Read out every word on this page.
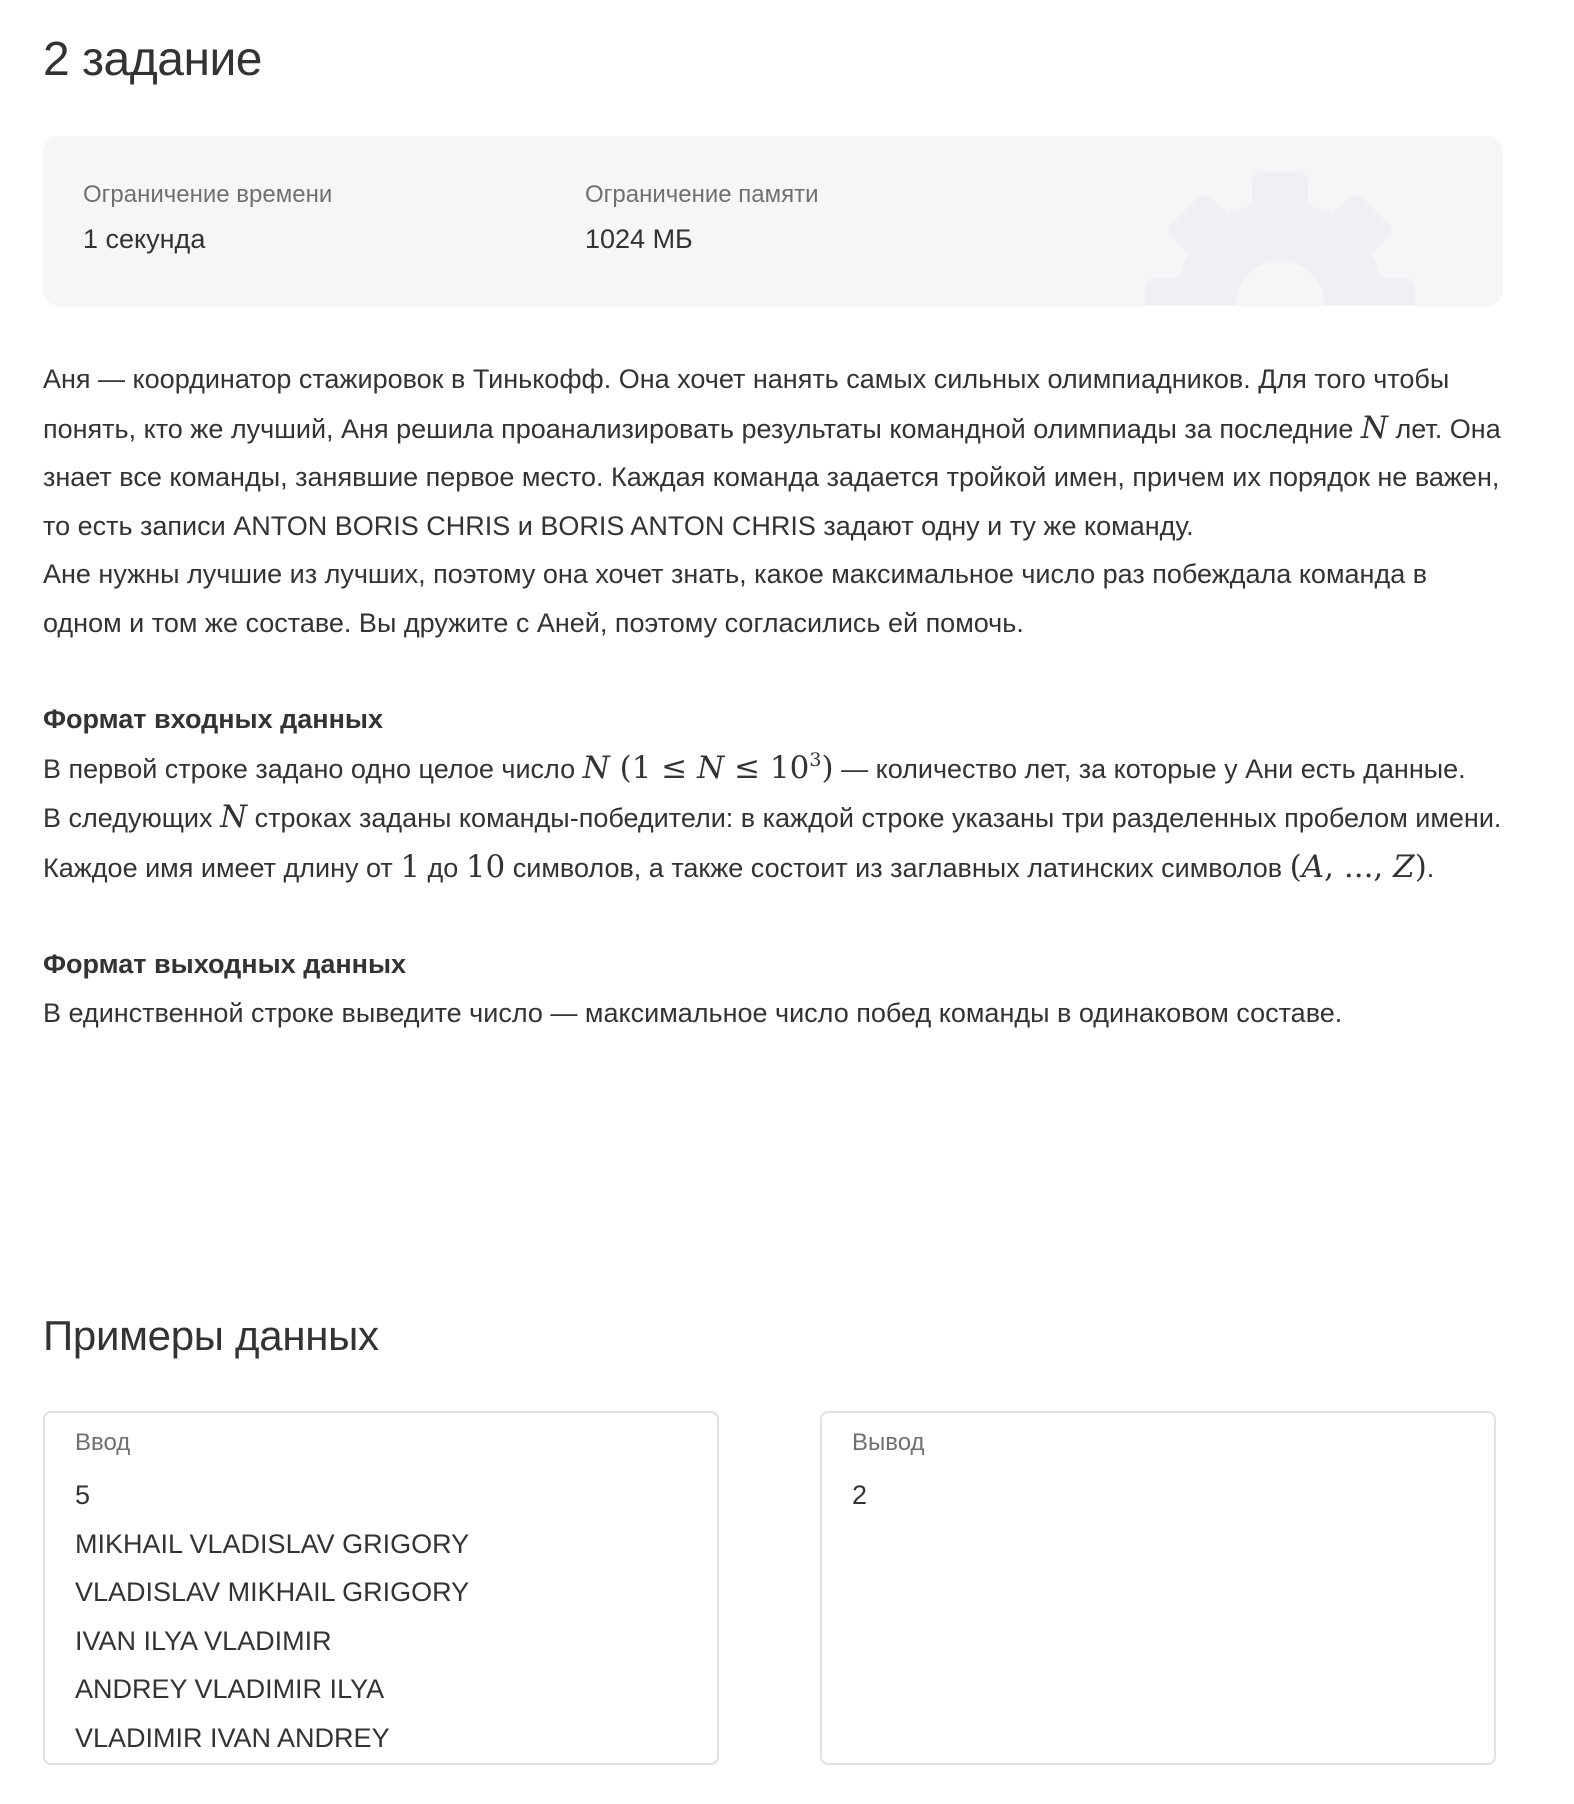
2 задание
Ограничение времени
1 секунда
Ограничение памяти
1024 МБ

Аня — координатор стажировок в Тинькофф. Она хочет нанять самых сильных олимпиадников. Для того чтобы понять, кто же лучший, Аня решила проанализировать результаты командной олимпиады за последние N лет. Она знает все команды, занявшие первое место. Каждая команда задается тройкой имен, причем их порядок не важен, то есть записи ANTON BORIS CHRIS и BORIS ANTON CHRIS задают одну и ту же команду.

Ане нужны лучшие из лучших, поэтому она хочет знать, какое максимальное число раз побеждала команда в одном и том же составе. Вы дружите с Аней, поэтому согласились ей помочь.

Формат входных данных

В первой строке задано одно целое число N $(1 \le N \le 10^3)$ — количество лет, за которые у Ани есть данные.

В следующих N строках заданы команды-победители: в каждой строке указаны три разделенных пробелом имени. Каждое имя имеет длину от 1 до 10 символов, а также состоит из заглавных латинских символов (A, ..., Z).

Формат выходных данных

В единственной строке выведите число — максимальное число побед команды в одинаковом составе.

Примеры данных
Ввод
5
MIKHAIL VLADISLAV GRIGORY
VLADISLAV MIKHAIL GRIGORY
IVAN ILYA VLADIMIR
ANDREY VLADIMIR ILYA
VLADIMIR IVAN ANDREY
Вывод
2
